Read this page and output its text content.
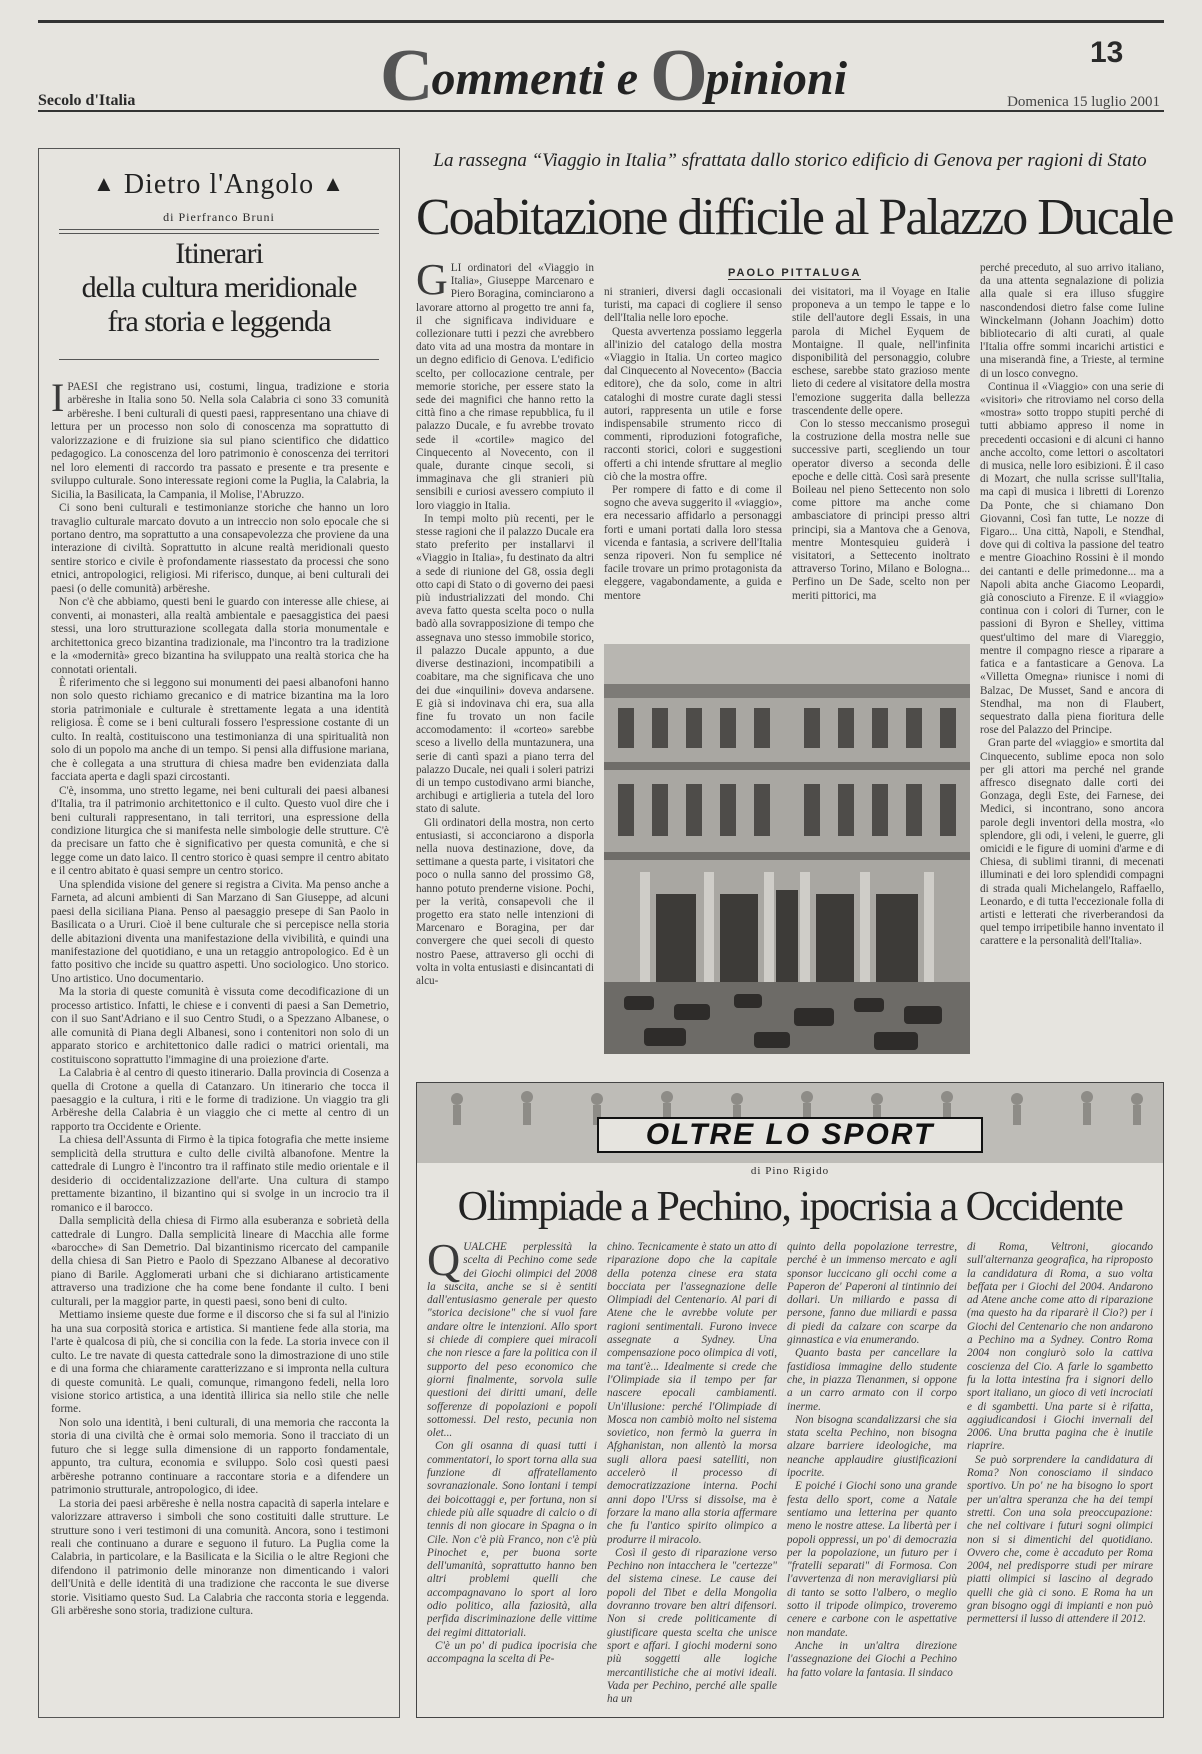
Commenti e Opinioni	13
Secolo d'Italia	Domenica 15 luglio 2001
▲ Dietro l'Angolo ▲
di Pierfranco Bruni
Itinerari
della cultura meridionale
fra storia e leggenda

IPAESI che registrano usi, costumi, lingua, tradizione e storia arbëreshe in Italia sono 50. Nella sola Calabria ci sono 33 comunità arbëreshe. I beni culturali di questi paesi, rappresentano una chiave di lettura per un processo non solo di conoscenza ma soprattutto di valorizzazione e di fruizione sia sul piano scientifico che didattico pedagogico. La conoscenza del loro patrimonio è conoscenza dei territori nel loro elementi di raccordo tra passato e presente e tra presente e sviluppo culturale. Sono interessate regioni come la Puglia, la Calabria, la Sicilia, la Basilicata, la Campania, il Molise, l'Abruzzo.

Ci sono beni culturali e testimonianze storiche che hanno un loro travaglio culturale marcato dovuto a un intreccio non solo epocale che si portano dentro, ma soprattutto a una consapevolezza che proviene da una interazione di civiltà. Soprattutto in alcune realtà meridionali questo sentire storico e civile è profondamente riassestato da processi che sono etnici, antropologici, religiosi. Mi riferisco, dunque, ai beni culturali dei paesi (o delle comunità) arbëreshe.

Non c'è che abbiamo, questi beni le guardo con interesse alle chiese, ai conventi, ai monasteri, alla realtà ambientale e paesaggistica dei paesi stessi, una loro strutturazione scollegata dalla storia monumentale e architettonica greco bizantina tradizionale, ma l'incontro tra la tradizione e la «modernità» greco bizantina ha sviluppato una realtà storica che ha connotati orientali.

È riferimento che si leggono sui monumenti dei paesi albanofoni hanno non solo questo richiamo grecanico e di matrice bizantina ma la loro storia patrimoniale e culturale è strettamente legata a una identità religiosa. È come se i beni culturali fossero l'espressione costante di un culto. In realtà, costituiscono una testimonianza di una spiritualità non solo di un popolo ma anche di un tempo. Si pensi alla diffusione mariana, che è collegata a una struttura di chiesa madre ben evidenziata dalla facciata aperta e dagli spazi circostanti.

C'è, insomma, uno stretto legame, nei beni culturali dei paesi albanesi d'Italia, tra il patrimonio architettonico e il culto. Questo vuol dire che i beni culturali rappresentano, in tali territori, una espressione della condizione liturgica che si manifesta nelle simbologie delle strutture. C'è da precisare un fatto che è significativo per questa comunità, e che si legge come un dato laico. Il centro storico è quasi sempre il centro abitato e il centro abitato è quasi sempre un centro storico.

Una splendida visione del genere si registra a Civita. Ma penso anche a Farneta, ad alcuni ambienti di San Marzano di San Giuseppe, ad alcuni paesi della siciliana Piana. Penso al paesaggio presepe di San Paolo in Basilicata o a Ururi. Cioè il bene culturale che si percepisce nella storia delle abitazioni diventa una manifestazione della vivibilità, e quindi una manifestazione del quotidiano, e una un retaggio antropologico. Ed è un fatto positivo che incide su quattro aspetti. Uno sociologico. Uno storico. Uno artistico. Uno documentario.

Ma la storia di queste comunità è vissuta come decodificazione di un processo artistico. Infatti, le chiese e i conventi di paesi a San Demetrio, con il suo Sant'Adriano e il suo Centro Studi, o a Spezzano Albanese, o alle comunità di Piana degli Albanesi, sono i contenitori non solo di un apparato storico e architettonico dalle radici o matrici orientali, ma costituiscono soprattutto l'immagine di una proiezione d'arte.

La Calabria è al centro di questo itinerario. Dalla provincia di Cosenza a quella di Crotone a quella di Catanzaro. Un itinerario che tocca il paesaggio e la cultura, i riti e le forme di tradizione. Un viaggio tra gli Arbëreshe della Calabria è un viaggio che ci mette al centro di un rapporto tra Occidente e Oriente.

La chiesa dell'Assunta di Firmo è la tipica fotografia che mette insieme semplicità della struttura e culto delle civiltà albanofone. Mentre la cattedrale di Lungro è l'incontro tra il raffinato stile medio orientale e il desiderio di occidentalizzazione dell'arte. Una cultura di stampo prettamente bizantino, il bizantino qui si svolge in un incrocio tra il romanico e il barocco.

Dalla semplicità della chiesa di Firmo alla esuberanza e sobrietà della cattedrale di Lungro. Dalla semplicità lineare di Macchia alle forme «barocche» di San Demetrio. Dal bizantinismo ricercato del campanile della chiesa di San Pietro e Paolo di Spezzano Albanese al decorativo piano di Barile. Agglomerati urbani che si dichiarano artisticamente attraverso una tradizione che ha come bene fondante il culto. I beni culturali, per la maggior parte, in questi paesi, sono beni di culto.

Mettiamo insieme queste due forme e il discorso che si fa sul al l'inizio ha una sua corposità storica e artistica. Si mantiene fede alla storia, ma l'arte è qualcosa di più, che si concilia con la fede. La storia invece con il culto. Le tre navate di questa cattedrale sono la dimostrazione di uno stile e di una forma che chiaramente caratterizzano e si impronta nella cultura di queste comunità. Le quali, comunque, rimangono fedeli, nella loro visione storico artistica, a una identità illirica sia nello stile che nelle forme.

Non solo una identità, i beni culturali, di una memoria che racconta la storia di una civiltà che è ormai solo memoria. Sono il tracciato di un futuro che si legge sulla dimensione di un rapporto fondamentale, appunto, tra cultura, economia e sviluppo. Solo così questi paesi arbëreshe potranno continuare a raccontare storia e a difendere un patrimonio strutturale, antropologico, di idee.

La storia dei paesi arbëreshe è nella nostra capacità di saperla intelare e valorizzare attraverso i simboli che sono costituiti dalle strutture. Le strutture sono i veri testimoni di una comunità. Ancora, sono i testimoni reali che continuano a durare e seguono il futuro. La Puglia come la Calabria, in particolare, e la Basilicata e la Sicilia o le altre Regioni che difendono il patrimonio delle minoranze non dimenticando i valori dell'Unità e delle identità di una tradizione che racconta le sue diverse storie. Visitiamo questo Sud. La Calabria che racconta storia e leggenda. Gli arbëreshe sono storia, tradizione cultura.

La rassegna “Viaggio in Italia” sfrattata dallo storico edificio di Genova per ragioni di Stato
Coabitazione difficile al Palazzo Ducale
PAOLO PITTALUGA

GLI ordinatori del «Viaggio in Italia», Giuseppe Marcenaro e Piero Boragina, cominciarono a lavorare attorno al progetto tre anni fa, il che significava individuare e collezionare tutti i pezzi che avrebbero dato vita ad una mostra da montare in un degno edificio di Genova. L'edificio scelto, per collocazione centrale, per memorie storiche, per essere stato la sede dei magnifici che hanno retto la città fino a che rimase repubblica, fu il palazzo Ducale, e fu avrebbe trovato sede il «cortile» magico del Cinquecento al Novecento, con il quale, durante cinque secoli, si immaginava che gli stranieri più sensibili e curiosi avessero compiuto il loro viaggio in Italia.

In tempi molto più recenti, per le stesse ragioni che il palazzo Ducale era stato preferito per installarvi il «Viaggio in Italia», fu destinato da altri a sede di riunione del G8, ossia degli otto capi di Stato o di governo dei paesi più industrializzati del mondo. Chi aveva fatto questa scelta poco o nulla badò alla sovrapposizione di tempo che assegnava uno stesso immobile storico, il palazzo Ducale appunto, a due diverse destinazioni, incompatibili a coabitare, ma che significava che uno dei due «inquilini» doveva andarsene. E già si indovinava chi era, sua alla fine fu trovato un non facile accomodamento: il «corteo» sarebbe sceso a livello della muntazunera, una serie di cantì spazi a piano terra del palazzo Ducale, nei quali i soleri patrizi di un tempo custodivano armi bianche, archibugi e artiglieria a tutela del loro stato di salute.

Gli ordinatori della mostra, non certo entusiasti, si acconciarono a disporla nella nuova destinazione, dove, da settimane a questa parte, i visitatori che poco o nulla sanno del prossimo G8, hanno potuto prenderne visione. Pochi, per la verità, consapevoli che il progetto era stato nelle intenzioni di Marcenaro e Boragina, per dar convergere che quei secoli di questo nostro Paese, attraverso gli occhi di volta in volta entusiasti e disincantati di alcu-

ni stranieri, diversi dagli occasionali turisti, ma capaci di cogliere il senso dell'Italia nelle loro epoche.

Questa avvertenza possiamo leggerla all'inizio del catalogo della mostra «Viaggio in Italia. Un corteo magico dal Cinquecento al Novecento» (Baccia editore), che da solo, come in altri cataloghi di mostre curate dagli stessi autori, rappresenta un utile e forse indispensabile strumento ricco di commenti, riproduzioni fotografiche, racconti storici, colori e suggestioni offerti a chi intende sfruttare al meglio ciò che la mostra offre.

Per rompere di fatto e di come il sogno che aveva suggerito il «viaggio», era necessario affidarlo a personaggi forti e umani portati dalla loro stessa vicenda e fantasia, a scrivere dell'Italia senza ripoveri. Non fu semplice né facile trovare un primo protagonista da eleggere, vagabondamente, a guida e mentore

dei visitatori, ma il Voyage en Italie proponeva a un tempo le tappe e lo stile dell'autore degli Essais, in una parola di Michel Eyquem de Montaigne. Il quale, nell'infinita disponibilità del personaggio, colubre eschese, sarebbe stato grazioso mente lieto di cedere al visitatore della mostra l'emozione suggerita dalla bellezza trascendente delle opere.

Con lo stesso meccanismo proseguì la costruzione della mostra nelle sue successive parti, scegliendo un tour operator diverso a seconda delle epoche e delle città. Così sarà presente Boileau nel pieno Settecento non solo come pittore ma anche come ambasciatore di principi presso altri principi, sia a Mantova che a Genova, mentre Montesquieu guiderà i visitatori, a Settecento inoltrato attraverso Torino, Milano e Bologna... Perfino un De Sade, scelto non per meriti pittorici, ma

perché preceduto, al suo arrivo italiano, da una attenta segnalazione di polizia alla quale si era illuso sfuggire nascondendosi dietro false come Iuline Winckelmann (Johann Joachim) dotto bibliotecario di alti curati, al quale l'Italia offre sommi incarichi artistici e una miserandà fine, a Trieste, al termine di un losco convegno.

Continua il «Viaggio» con una serie di «visitori» che ritroviamo nel corso della «mostra» sotto troppo stupiti perché di tutti abbiamo appreso il nome in precedenti occasioni e di alcuni ci hanno anche accolto, come lettori o ascoltatori di musica, nelle loro esibizioni. È il caso di Mozart, che nulla scrisse sull'Italia, ma capì di musica i libretti di Lorenzo Da Ponte, che si chiamano Don Giovanni, Così fan tutte, Le nozze di Figaro... Una città, Napoli, e Stendhal, dove qui di coltiva la passione del teatro e mentre Gioachino Rossini è il mondo dei cantanti e delle primedonne... ma a Napoli abita anche Giacomo Leopardi, già conosciuto a Firenze. E il «viaggio» continua con i colori di Turner, con le passioni di Byron e Shelley, vittima quest'ultimo del mare di Viareggio, mentre il compagno riesce a riparare a fatica e a fantasticare a Genova. La «Villetta Omegna» riunisce i nomi di Balzac, De Musset, Sand e ancora di Stendhal, ma non di Flaubert, sequestrato dalla piena fioritura delle rose del Palazzo del Principe.

Gran parte del «viaggio» e smortita dal Cinquecento, sublime epoca non solo per gli attori ma perché nel grande affresco disegnato dalle corti dei Gonzaga, degli Este, dei Farnese, dei Medici, si incontrano, sono ancora parole degli inventori della mostra, «lo splendore, gli odi, i veleni, le guerre, gli omicidi e le figure di uomini d'arme e di Chiesa, di sublimi tiranni, di mecenati illuminati e dei loro splendidi compagni di strada quali Michelangelo, Raffaello, Leonardo, e di tutta l'eccezionale folla di artisti e letterati che riverberandosi da quel tempo irripetibile hanno inventato il carattere e la personalità dell'Italia».

OLTRE LO SPORT
di Pino Rigido
Olimpiade a Pechino, ipocrisia a Occidente

QUALCHE perplessità la scelta di Pechino come sede dei Giochi olimpici del 2008 la suscita, anche se si è sentiti dall'entusiasmo generale per questo "storica decisione" che si vuol fare andare oltre le intenzioni. Allo sport si chiede di compiere quei miracoli che non riesce a fare la politica con il supporto del peso economico che giorni finalmente, sorvola sulle questioni dei diritti umani, delle sofferenze di popolazioni e popoli sottomessi. Del resto, pecunia non olet...

Con gli osanna di quasi tutti i commentatori, lo sport torna alla sua funzione di affratellamento sovranazionale. Sono lontani i tempi dei boicottaggi e, per fortuna, non si chiede più alle squadre di calcio o di tennis di non giocare in Spagna o in Cile. Non c'è più Franco, non c'è più Pinochet e, per buona sorte dell'umanità, soprattutto hanno ben altri problemi quelli che accompagnavano lo sport al loro odio politico, alla faziosità, alla perfida discriminazione delle vittime dei regimi dittatoriali.

C'è un po' di pudica ipocrisia che accompagna la scelta di Pe-

chino. Tecnicamente è stato un atto di riparazione dopo che la capitale della potenza cinese era stata bocciata per l'assegnazione delle Olimpiadi del Centenario. Al pari di Atene che le avrebbe volute per ragioni sentimentali. Furono invece assegnate a Sydney. Una compensazione poco olimpica di voti, ma tant'è... Idealmente si crede che l'Olimpiade sia il tempo per far nascere epocali cambiamenti. Un'illusione: perché l'Olimpiade di Mosca non cambiò molto nel sistema sovietico, non fermò la guerra in Afghanistan, non allentò la morsa sugli allora paesi satelliti, non accelerò il processo di democratizzazione interna. Pochi anni dopo l'Urss si dissolse, ma è forzare la mano alla storia affermare che fu l'antico spirito olimpico a produrre il miracolo.

Così il gesto di riparazione verso Pechino non intacchera le "certezze" del sistema cinese. Le cause dei popoli del Tibet e della Mongolia dovranno trovare ben altri difensori. Non si crede politicamente di giustificare questa scelta che unisce sport e affari. I giochi moderni sono più soggetti alle logiche mercantilistiche che ai motivi ideali. Vada per Pechino, perché alle spalle ha un

quinto della popolazione terrestre, perché è un immenso mercato e agli sponsor luccicano gli occhi come a Paperon de' Paperoni al tintinnio dei dollari. Un miliardo e passa di persone, fanno due miliardi e passa di piedi da calzare con scarpe da ginnastica e via enumerando.

Quanto basta per cancellare la fastidiosa immagine dello studente che, in piazza Tienanmen, si oppone a un carro armato con il corpo inerme.

Non bisogna scandalizzarsi che sia stata scelta Pechino, non bisogna alzare barriere ideologiche, ma neanche applaudire giustificazioni ipocrite.

E poiché i Giochi sono una grande festa dello sport, come a Natale sentiamo una letterina per quanto meno le nostre attese. La libertà per i popoli oppressi, un po' di democrazia per la popolazione, un futuro per i "fratelli separati" di Formosa. Con l'avvertenza di non meravigliarsi più di tanto se sotto l'albero, o meglio sotto il tripode olimpico, troveremo cenere e carbone con le aspettative non mandate.

Anche in un'altra direzione l'assegnazione dei Giochi a Pechino ha fatto volare la fantasia. Il sindaco

di Roma, Veltroni, giocando sull'alternanza geografica, ha riproposto la candidatura di Roma, a suo volta beffata per i Giochi del 2004. Andarono ad Atene anche come atto di riparazione (ma questo ha da ripararè il Cio?) per i Giochi del Centenario che non andarono a Pechino ma a Sydney. Contro Roma 2004 non congiurò solo la cattiva coscienza del Cio. A farle lo sgambetto fu la lotta intestina fra i signori dello sport italiano, un gioco di veti incrociati e di sgambetti. Una parte si è rifatta, aggiudicandosi i Giochi invernali del 2006. Una brutta pagina che è inutile riaprire.

Se può sorprendere la candidatura di Roma? Non conosciamo il sindaco sportivo. Un po' ne ha bisogno lo sport per un'altra speranza che ha dei tempi stretti. Con una sola preoccupazione: che nel coltivare i futuri sogni olimpici non si si dimentichi del quotidiano. Ovvero che, come è accaduto per Roma 2004, nel predisporre studi per mirare piatti olimpici si lascino al degrado quelli che già ci sono. E Roma ha un gran bisogno oggi di impianti e non può permettersi il lusso di attendere il 2012.
